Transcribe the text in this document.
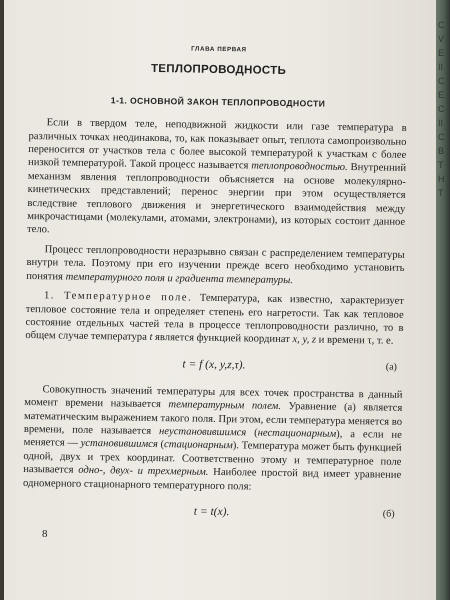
8
C
V
E
II
C
E
C
II
C
B
T
H
T
ГЛАВА ПЕРВАЯ
ТЕПЛОПРОВОДНОСТЬ
1-1. ОСНОВНОЙ ЗАКОН ТЕПЛОПРОВОДНОСТИ

Если в твердом теле, неподвижной жидкости или газе температура в различных точках неодинакова, то, как показывает опыт, теплота самопроизвольно переносится от участков тела с более высокой температурой к участкам с более низкой температурой. Такой процесс называется теплопроводностью. Внутренний механизм явления теплопроводности объясняется на основе молекулярно-кинетических представлений; перенос энергии при этом осуществляется вследствие теплового движения и энергетического взаимодействия между микрочастицами (молекулами, атомами, электронами), из которых состоит данное тело.

Процесс теплопроводности неразрывно связан с распределением температуры внутри тела. Поэтому при его изучении прежде всего необходимо установить понятия температурного поля и градиента температуры.

1. Температурное поле. Температура, как известно, характеризует тепловое состояние тела и определяет степень его нагретости. Так как тепловое состояние отдельных частей тела в процессе теплопроводности различно, то в общем случае температура t является функцией координат x, y, z и времени τ, т. е.

t = f (x, y,z,τ).	(а)

Совокупность значений температуры для всех точек пространства в данный момент времени называется температурным полем. Уравнение (а) является математическим выражением такого поля. При этом, если температура меняется во времени, поле называется неустановившимся (нестационарным), а если не меняется — установившимся (стационарным). Температура может быть функцией одной, двух и трех координат. Соответственно этому и температурное поле называется одно-, двух- и трехмерным. Наиболее простой вид имеет уравнение одномерного стационарного температурного поля:

t = t(x).	(б)
